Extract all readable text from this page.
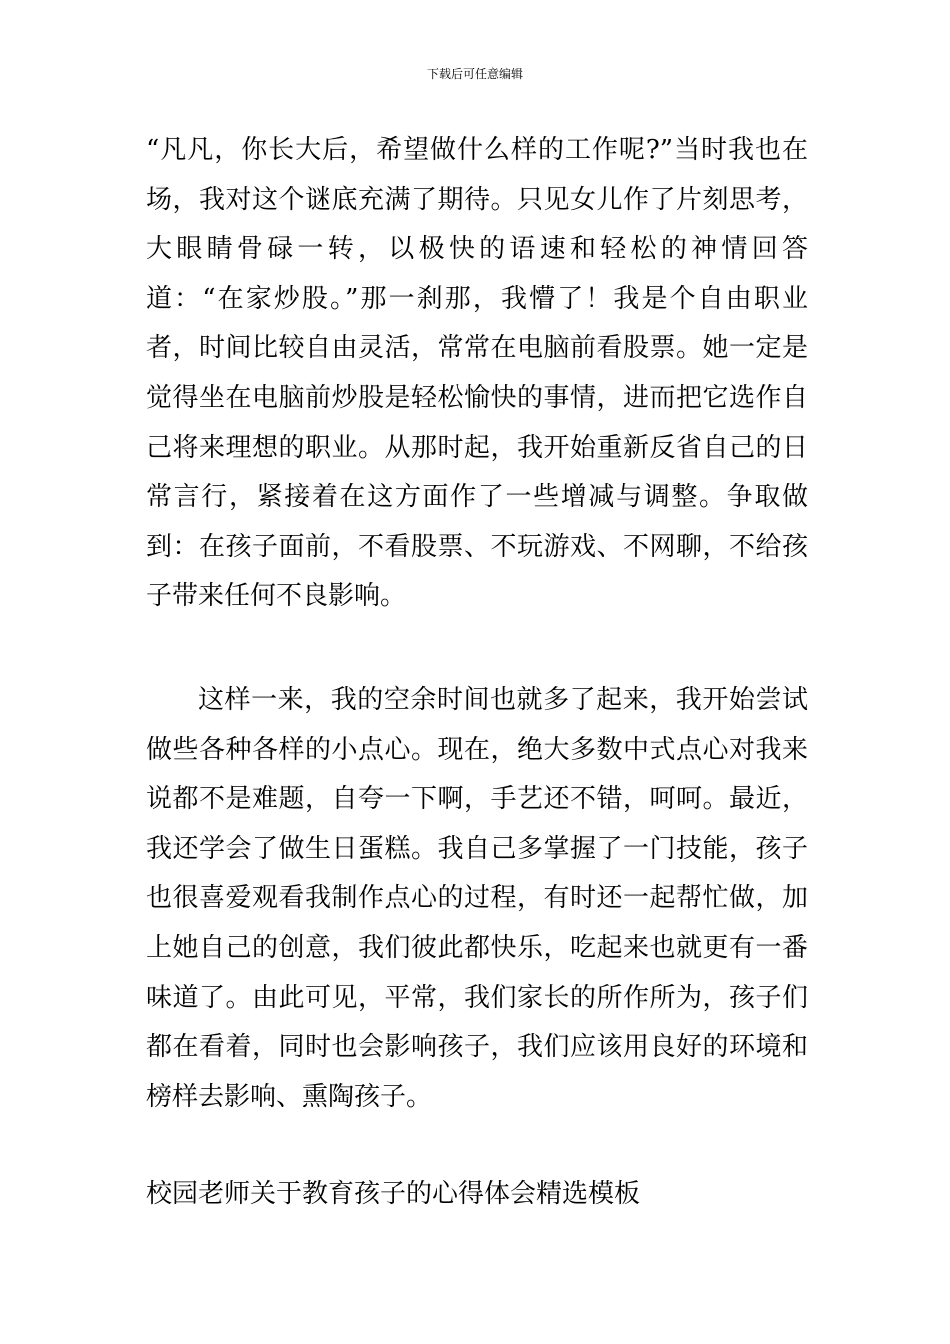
下载后可任意编辑

“凡凡，你长大后，希望做什么样的工作呢?”当时我也在场，我对这个谜底充满了期待。只见女儿作了片刻思考，大眼睛骨碌一转，以极快的语速和轻松的神情回答道：“在家炒股。”那一刹那，我懵了！我是个自由职业者，时间比较自由灵活，常常在电脑前看股票。她一定是觉得坐在电脑前炒股是轻松愉快的事情，进而把它选作自己将来理想的职业。从那时起，我开始重新反省自己的日常言行，紧接着在这方面作了一些增减与调整。争取做到：在孩子面前，不看股票、不玩游戏、不网聊，不给孩子带来任何不良影响。

这样一来，我的空余时间也就多了起来，我开始尝试做些各种各样的小点心。现在，绝大多数中式点心对我来说都不是难题，自夸一下啊，手艺还不错，呵呵。最近，我还学会了做生日蛋糕。我自己多掌握了一门技能，孩子也很喜爱观看我制作点心的过程，有时还一起帮忙做，加上她自己的创意，我们彼此都快乐，吃起来也就更有一番味道了。由此可见，平常，我们家长的所作所为，孩子们都在看着，同时也会影响孩子，我们应该用良好的环境和榜样去影响、熏陶孩子。

校园老师关于教育孩子的心得体会精选模板
